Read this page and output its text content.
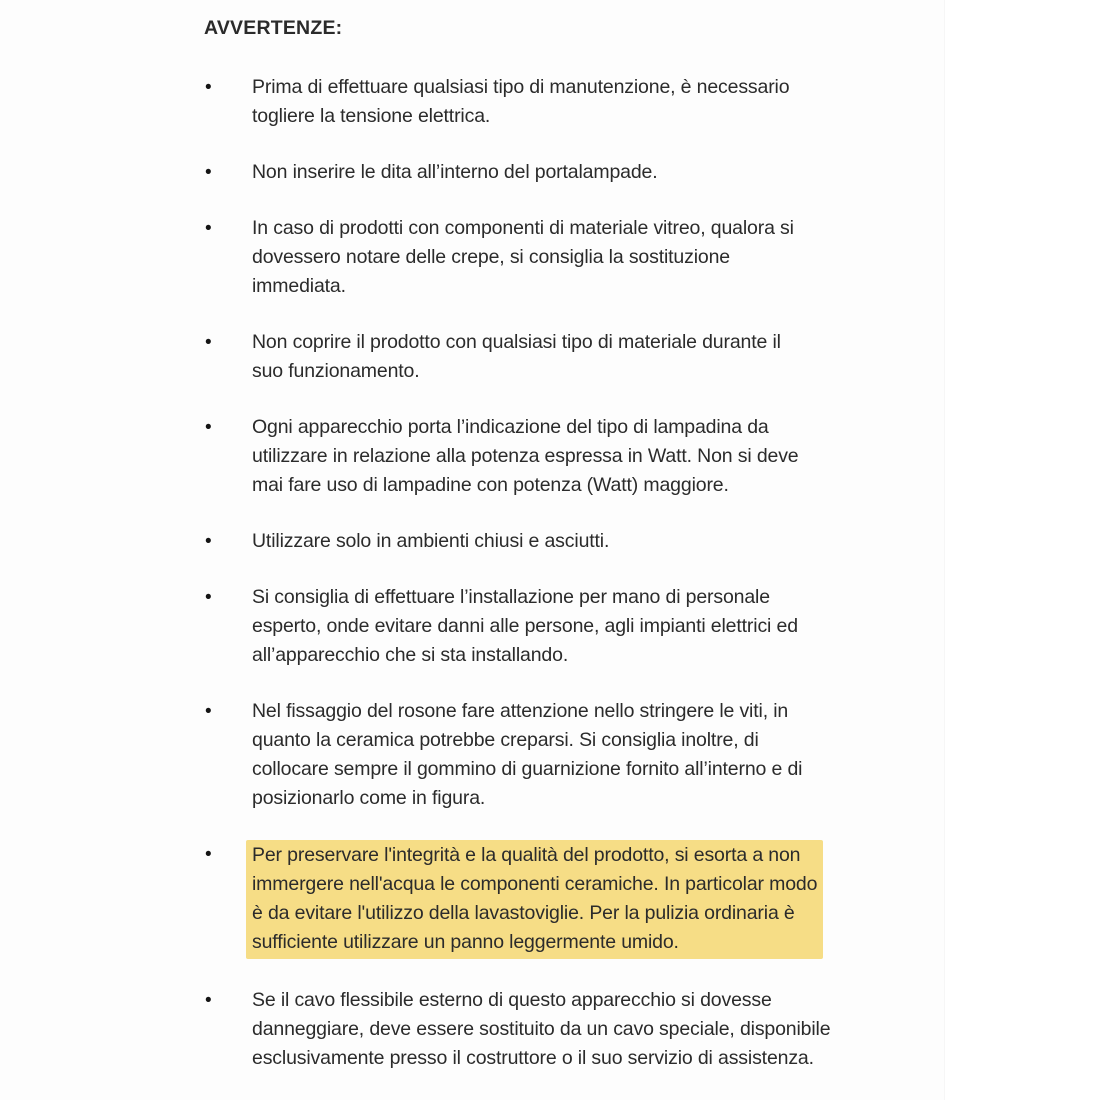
AVVERTENZE:
•	Prima di effettuare qualsiasi tipo di manutenzione, è necessario
togliere la tensione elettrica.
•	Non inserire le dita all’interno del portalampade.
•	In caso di prodotti con componenti di materiale vitreo, qualora si
dovessero notare delle crepe, si consiglia la sostituzione
immediata.
•	Non coprire il prodotto con qualsiasi tipo di materiale durante il
suo funzionamento.
•	Ogni apparecchio porta l’indicazione del tipo di lampadina da
utilizzare in relazione alla potenza espressa in Watt. Non si deve
mai fare uso di lampadine con potenza (Watt) maggiore.
•	Utilizzare solo in ambienti chiusi e asciutti.
•	Si consiglia di effettuare l’installazione per mano di personale
esperto, onde evitare danni alle persone, agli impianti elettrici ed
all’apparecchio che si sta installando.
•	Nel fissaggio del rosone fare attenzione nello stringere le viti, in
quanto la ceramica potrebbe creparsi. Si consiglia inoltre, di
collocare sempre il gommino di guarnizione fornito all’interno e di
posizionarlo come in figura.
•	Per preservare l'integrità e la qualità del prodotto, si esorta a non
immergere nell'acqua le componenti ceramiche. In particolar modo
è da evitare l'utilizzo della lavastoviglie. Per la pulizia ordinaria è
sufficiente utilizzare un panno leggermente umido.
•	Se il cavo flessibile esterno di questo apparecchio si dovesse
danneggiare, deve essere sostituito da un cavo speciale, disponibile
esclusivamente presso il costruttore o il suo servizio di assistenza.
